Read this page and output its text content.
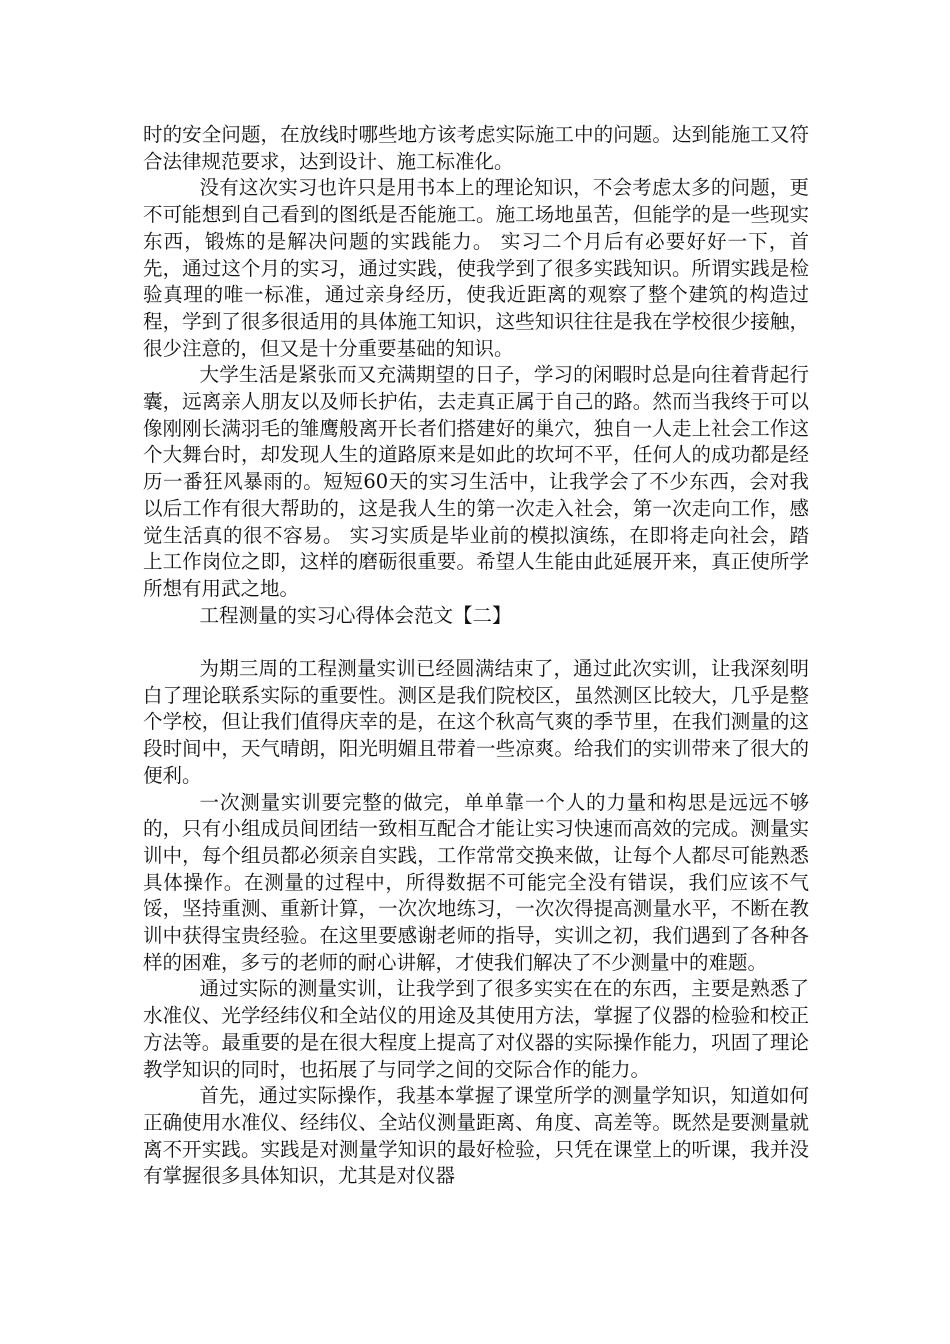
时的安全问题，在放线时哪些地方该考虑实际施工中的问题。达到能施工又符合法律规范要求，达到设计、施工标准化。

没有这次实习也许只是用书本上的理论知识，不会考虑太多的问题，更不可能想到自己看到的图纸是否能施工。施工场地虽苦，但能学的是一些现实东西，锻炼的是解决问题的实践能力。 实习二个月后有必要好好一下，首先，通过这个月的实习，通过实践，使我学到了很多实践知识。所谓实践是检验真理的唯一标准，通过亲身经历，使我近距离的观察了整个建筑的构造过程，学到了很多很适用的具体施工知识，这些知识往往是我在学校很少接触，很少注意的，但又是十分重要基础的知识。

大学生活是紧张而又充满期望的日子，学习的闲暇时总是向往着背起行囊，远离亲人朋友以及师长护佑，去走真正属于自己的路。然而当我终于可以像刚刚长满羽毛的雏鹰般离开长者们搭建好的巢穴，独自一人走上社会工作这个大舞台时，却发现人生的道路原来是如此的坎坷不平，任何人的成功都是经历一番狂风暴雨的。短短60天的实习生活中，让我学会了不少东西，会对我以后工作有很大帮助的，这是我人生的第一次走入社会，第一次走向工作，感觉生活真的很不容易。 实习实质是毕业前的模拟演练，在即将走向社会，踏上工作岗位之即，这样的磨砺很重要。希望人生能由此延展开来，真正使所学所想有用武之地。

工程测量的实习心得体会范文【二】

为期三周的工程测量实训已经圆满结束了，通过此次实训，让我深刻明白了理论联系实际的重要性。测区是我们院校区，虽然测区比较大，几乎是整个学校，但让我们值得庆幸的是，在这个秋高气爽的季节里，在我们测量的这段时间中，天气晴朗，阳光明媚且带着一些凉爽。给我们的实训带来了很大的便利。

一次测量实训要完整的做完，单单靠一个人的力量和构思是远远不够的，只有小组成员间团结一致相互配合才能让实习快速而高效的完成。测量实训中，每个组员都必须亲自实践，工作常常交换来做，让每个人都尽可能熟悉具体操作。在测量的过程中，所得数据不可能完全没有错误，我们应该不气馁，坚持重测、重新计算，一次次地练习，一次次得提高测量水平，不断在教训中获得宝贵经验。在这里要感谢老师的指导，实训之初，我们遇到了各种各样的困难，多亏的老师的耐心讲解，才使我们解决了不少测量中的难题。

通过实际的测量实训，让我学到了很多实实在在的东西，主要是熟悉了水准仪、光学经纬仪和全站仪的用途及其使用方法，掌握了仪器的检验和校正方法等。最重要的是在很大程度上提高了对仪器的实际操作能力，巩固了理论教学知识的同时，也拓展了与同学之间的交际合作的能力。

首先，通过实际操作，我基本掌握了课堂所学的测量学知识，知道如何正确使用水准仪、经纬仪、全站仪测量距离、角度、高差等。既然是要测量就离不开实践。实践是对测量学知识的最好检验，只凭在课堂上的听课，我并没有掌握很多具体知识，尤其是对仪器
